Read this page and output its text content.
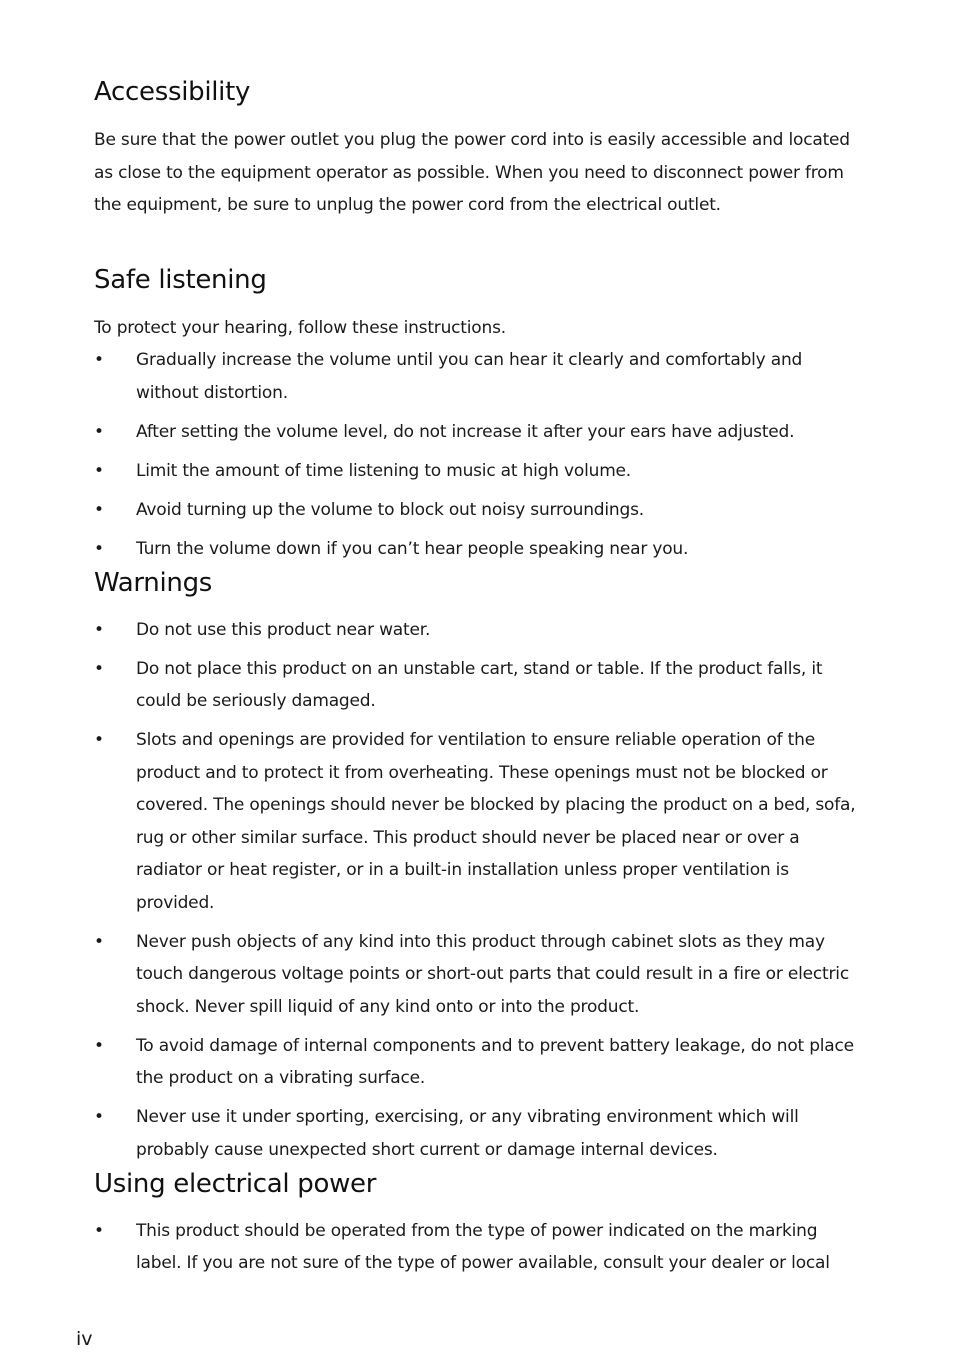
Accessibility

Be sure that the power outlet you plug the power cord into is easily accessible and located as close to the equipment operator as possible. When you need to disconnect power from the equipment, be sure to unplug the power cord from the electrical outlet.

Safe listening

To protect your hearing, follow these instructions.

• Gradually increase the volume until you can hear it clearly and comfortably and without distortion.
• After setting the volume level, do not increase it after your ears have adjusted.
• Limit the amount of time listening to music at high volume.
• Avoid turning up the volume to block out noisy surroundings.
• Turn the volume down if you can’t hear people speaking near you.
Warnings
• Do not use this product near water.
• Do not place this product on an unstable cart, stand or table. If the product falls, it could be seriously damaged.
• Slots and openings are provided for ventilation to ensure reliable operation of the product and to protect it from overheating. These openings must not be blocked or covered. The openings should never be blocked by placing the product on a bed, sofa, rug or other similar surface. This product should never be placed near or over a radiator or heat register, or in a built-in installation unless proper ventilation is provided.
• Never push objects of any kind into this product through cabinet slots as they may touch dangerous voltage points or short-out parts that could result in a fire or electric shock. Never spill liquid of any kind onto or into the product.
• To avoid damage of internal components and to prevent battery leakage, do not place the product on a vibrating surface.
• Never use it under sporting, exercising, or any vibrating environment which will probably cause unexpected short current or damage internal devices.
Using electrical power
• This product should be operated from the type of power indicated on the marking label. If you are not sure of the type of power available, consult your dealer or local
iv
